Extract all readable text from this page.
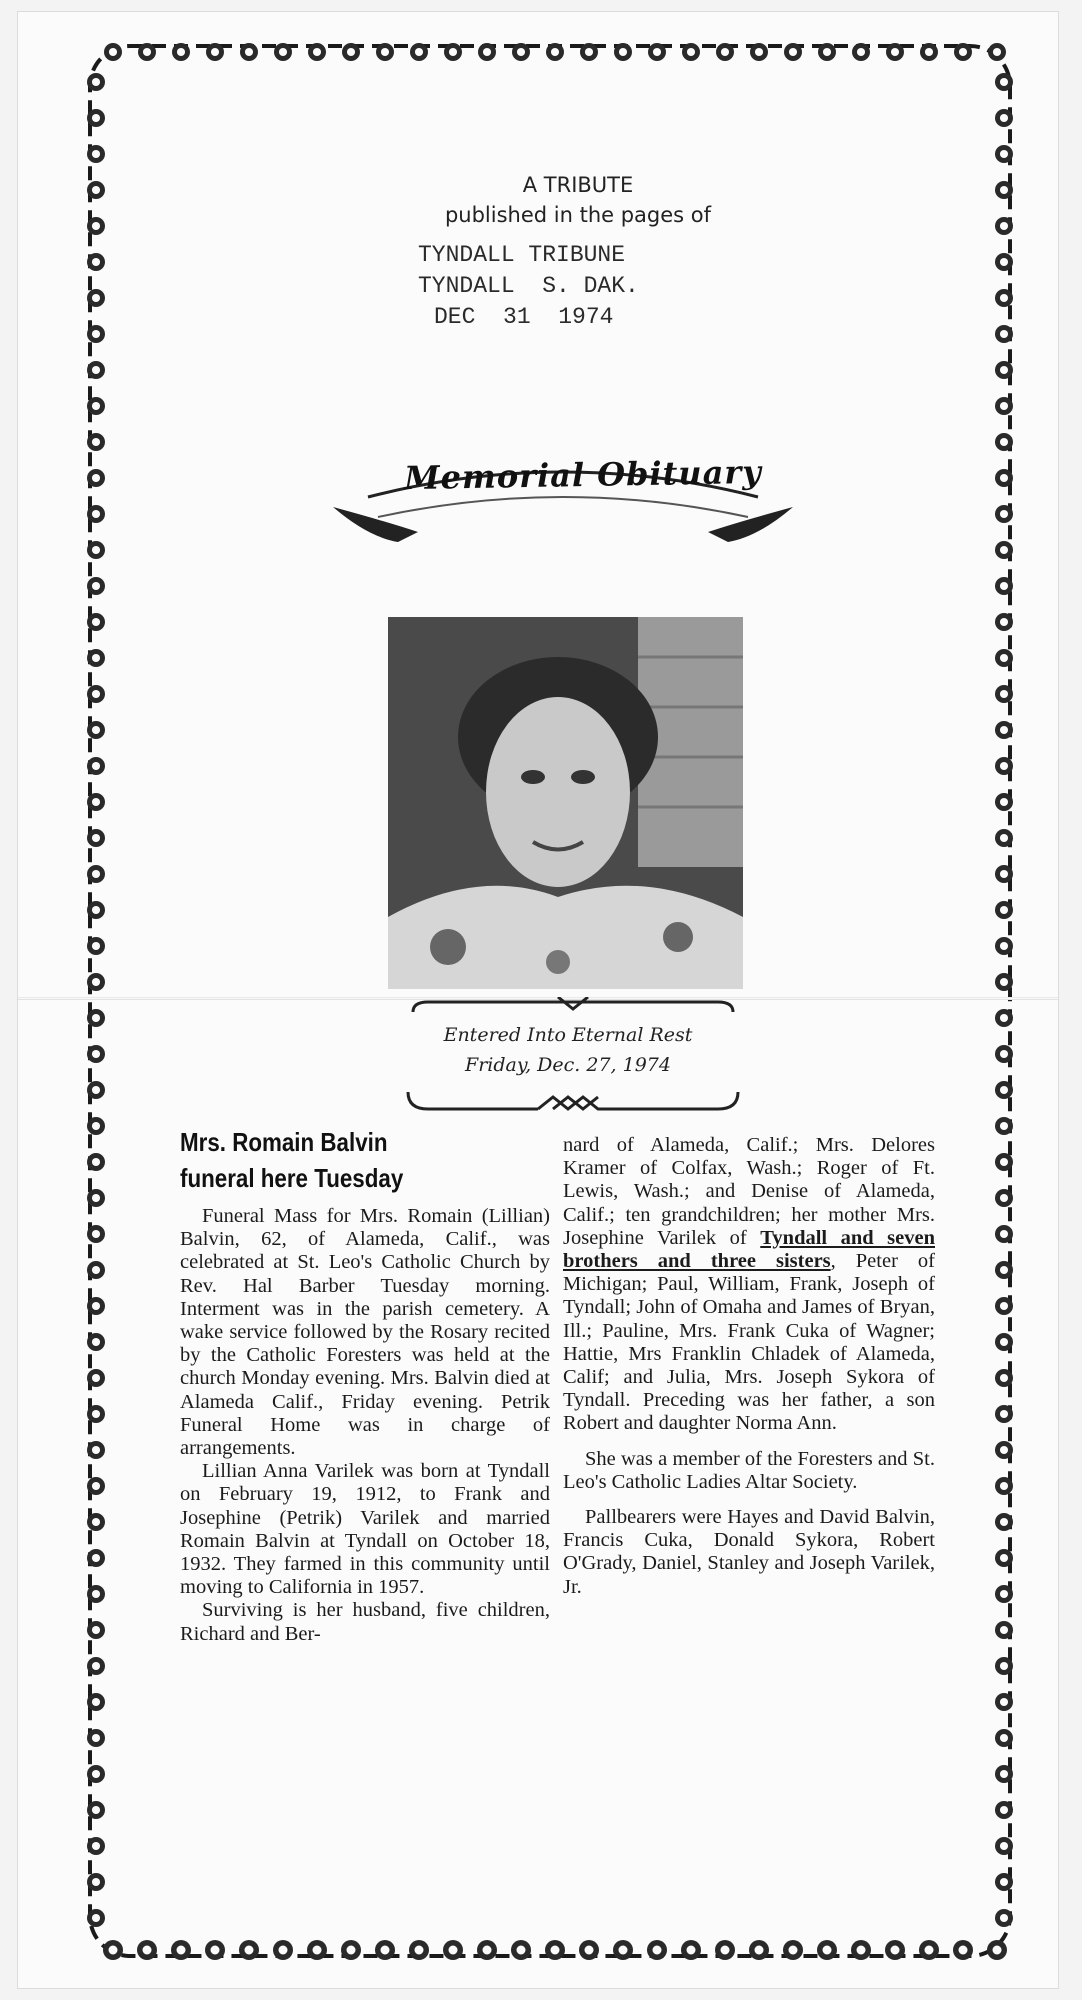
A TRIBUTE
published in the pages of
TYNDALL TRIBUNE
TYNDALL  S. DAK.
DEC  31  1974
Memorial Obituary
Entered Into Eternal Rest
Friday, Dec. 27, 1974
Mrs. Romain Balvin
funeral here Tuesday

Funeral Mass for Mrs. Romain (Lillian) Balvin, 62, of Alameda, Calif., was celebrated at St. Leo's Catholic Church by Rev. Hal Barber Tuesday morning. Interment was in the parish cemetery. A wake service followed by the Rosary recited by the Catholic Foresters was held at the church Monday evening. Mrs. Balvin died at Alameda Calif., Friday evening. Petrik Funeral Home was in charge of arrangements.

Lillian Anna Varilek was born at Tyndall on February 19, 1912, to Frank and Josephine (Petrik) Varilek and married Romain Balvin at Tyndall on October 18, 1932. They farmed in this community until moving to California in 1957.

Surviving is her husband, five children, Richard and Ber-

nard of Alameda, Calif.; Mrs. Delores Kramer of Colfax, Wash.; Roger of Ft. Lewis, Wash.; and Denise of Alameda, Calif.; ten grandchildren; her mother Mrs. Josephine Varilek of Tyndall and seven brothers and three sisters, Peter of Michigan; Paul, William, Frank, Joseph of Tyndall; John of Omaha and James of Bryan, Ill.; Pauline, Mrs. Frank Cuka of Wagner; Hattie, Mrs Franklin Chladek of Alameda, Calif; and Julia, Mrs. Joseph Sykora of Tyndall. Preceding was her father, a son Robert and daughter Norma Ann.

She was a member of the Foresters and St. Leo's Catholic Ladies Altar Society.

Pallbearers were Hayes and David Balvin, Francis Cuka, Donald Sykora, Robert O'Grady, Daniel, Stanley and Joseph Varilek, Jr.
